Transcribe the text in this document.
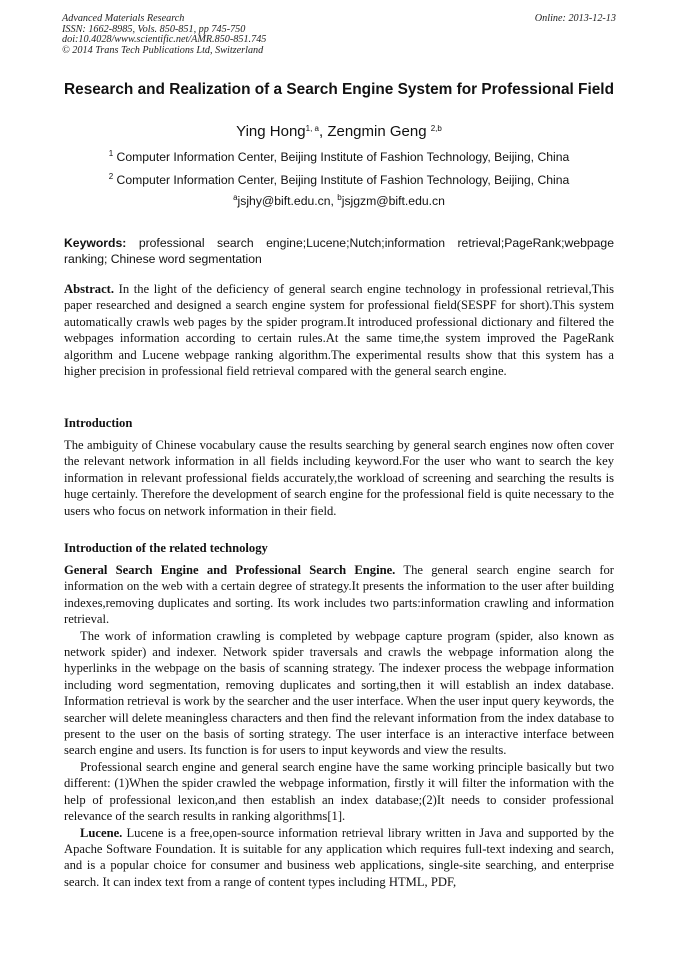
Advanced Materials Research	Online: 2013-12-13
ISSN: 1662-8985, Vols. 850-851, pp 745-750
doi:10.4028/www.scientific.net/AMR.850-851.745
© 2014 Trans Tech Publications Ltd, Switzerland
Research and Realization of a Search Engine System for Professional Field
Ying Hong$^{1, a}$, Zengmin Geng $^{2,b}$
$^1$ Computer Information Center, Beijing Institute of Fashion Technology, Beijing, China
$^2$ Computer Information Center, Beijing Institute of Fashion Technology, Beijing, China
$^a$jsjhy@bift.edu.cn, $^b$jsjgzm@bift.edu.cn
Keywords: professional search engine;Lucene;Nutch;information retrieval;PageRank;webpage ranking; Chinese word segmentation
Abstract. In the light of the deficiency of general search engine technology in professional retrieval,This paper researched and designed a search engine system for professional field(SESPF for short).This system automatically crawls web pages by the spider program.It introduced professional dictionary and filtered the webpages information according to certain rules.At the same time,the system improved the PageRank algorithm and Lucene webpage ranking algorithm.The experimental results show that this system has a higher precision in professional field retrieval compared with the general search engine.
Introduction
The ambiguity of Chinese vocabulary cause the results searching by general search engines now often cover the relevant network information in all fields including keyword.For the user who want to search the key information in relevant professional fields accurately,the workload of screening and searching the results is huge certainly. Therefore the development of search engine for the professional field is quite necessary to the users who focus on network information in their field.
Introduction of the related technology

General Search Engine and Professional Search Engine. The general search engine search for information on the web with a certain degree of strategy.It presents the information to the user after building indexes,removing duplicates and sorting. Its work includes two parts:information crawling and information retrieval.

The work of information crawling is completed by webpage capture program (spider, also known as network spider) and indexer. Network spider traversals and crawls the webpage information along the hyperlinks in the webpage on the basis of scanning strategy. The indexer process the webpage information including word segmentation, removing duplicates and sorting,then it will establish an index database. Information retrieval is work by the searcher and the user interface. When the user input query keywords, the searcher will delete meaningless characters and then find the relevant information from the index database to present to the user on the basis of sorting strategy. The user interface is an interactive interface between search engine and users. Its function is for users to input keywords and view the results.

Professional search engine and general search engine have the same working principle basically but two different: (1)When the spider crawled the webpage information, firstly it will filter the information with the help of professional lexicon,and then establish an index database;(2)It needs to consider professional relevance of the search results in ranking algorithms[1].

Lucene. Lucene is a free,open-source information retrieval library written in Java and supported by the Apache Software Foundation. It is suitable for any application which requires full-text indexing and search, and is a popular choice for consumer and business web applications, single-site searching, and enterprise search. It can index text from a range of content types including HTML, PDF,
